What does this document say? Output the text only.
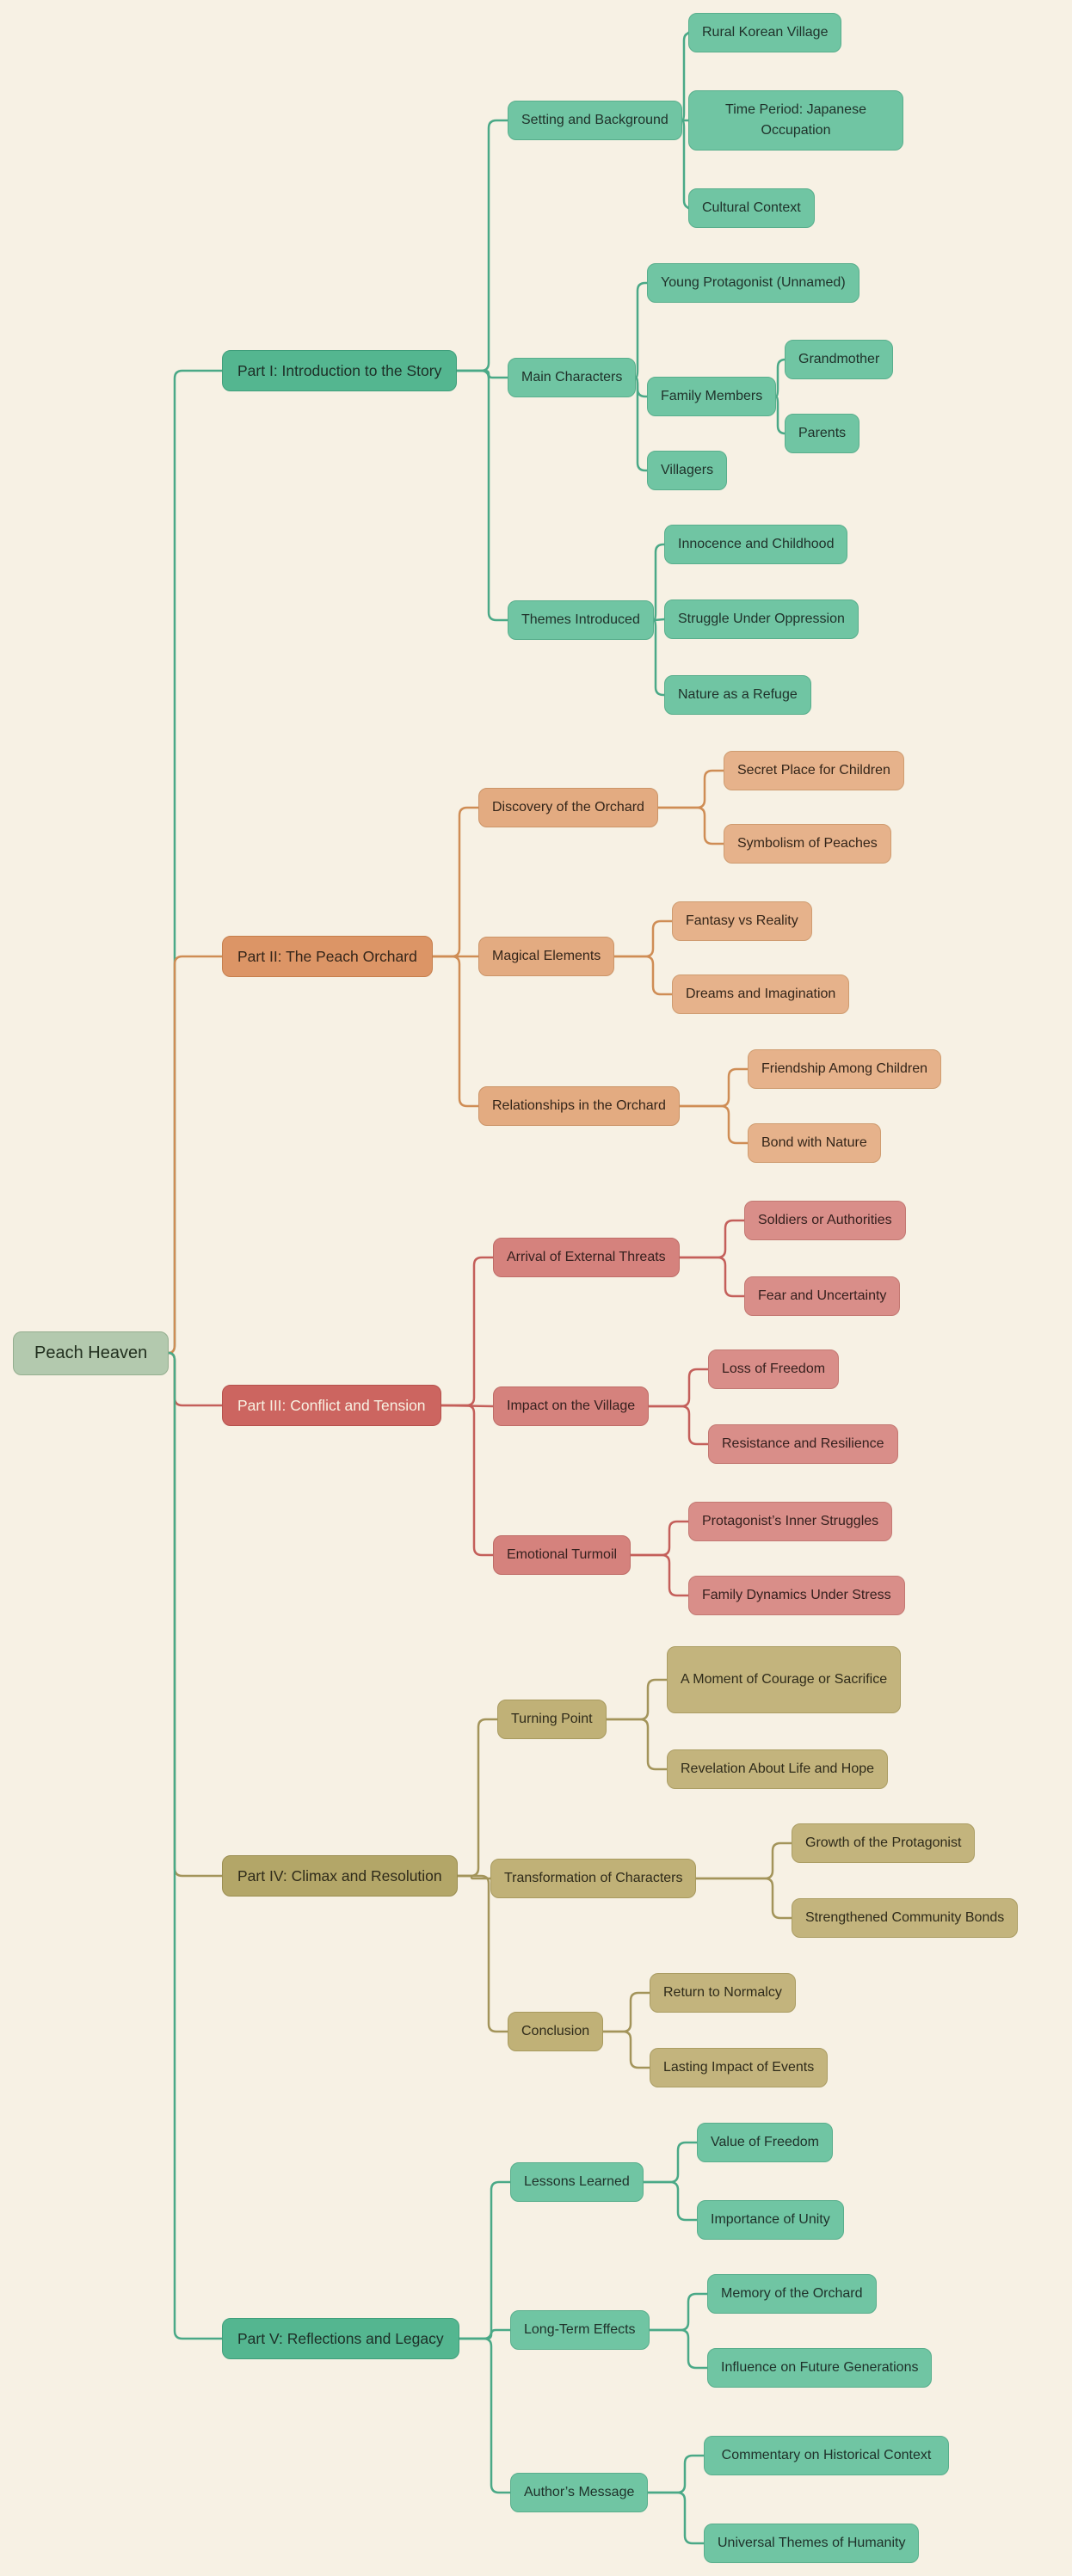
Peach Heaven
Part I: Introduction to the Story
Setting and Background
Rural Korean Village
Time Period: Japanese Occupation
Cultural Context
Main Characters
Young Protagonist (Unnamed)
Family Members
Grandmother
Parents
Villagers
Themes Introduced
Innocence and Childhood
Struggle Under Oppression
Nature as a Refuge
Part II: The Peach Orchard
Discovery of the Orchard
Secret Place for Children
Symbolism of Peaches
Magical Elements
Fantasy vs Reality
Dreams and Imagination
Relationships in the Orchard
Friendship Among Children
Bond with Nature
Part III: Conflict and Tension
Arrival of External Threats
Soldiers or Authorities
Fear and Uncertainty
Impact on the Village
Loss of Freedom
Resistance and Resilience
Emotional Turmoil
Protagonist’s Inner Struggles
Family Dynamics Under Stress
Part IV: Climax and Resolution
Turning Point
A Moment of Courage or Sacrifice
Revelation About Life and Hope
Transformation of Characters
Growth of the Protagonist
Strengthened Community Bonds
Conclusion
Return to Normalcy
Lasting Impact of Events
Part V: Reflections and Legacy
Lessons Learned
Value of Freedom
Importance of Unity
Long-Term Effects
Memory of the Orchard
Influence on Future Generations
Author’s Message
Commentary on Historical Context
Universal Themes of Humanity
